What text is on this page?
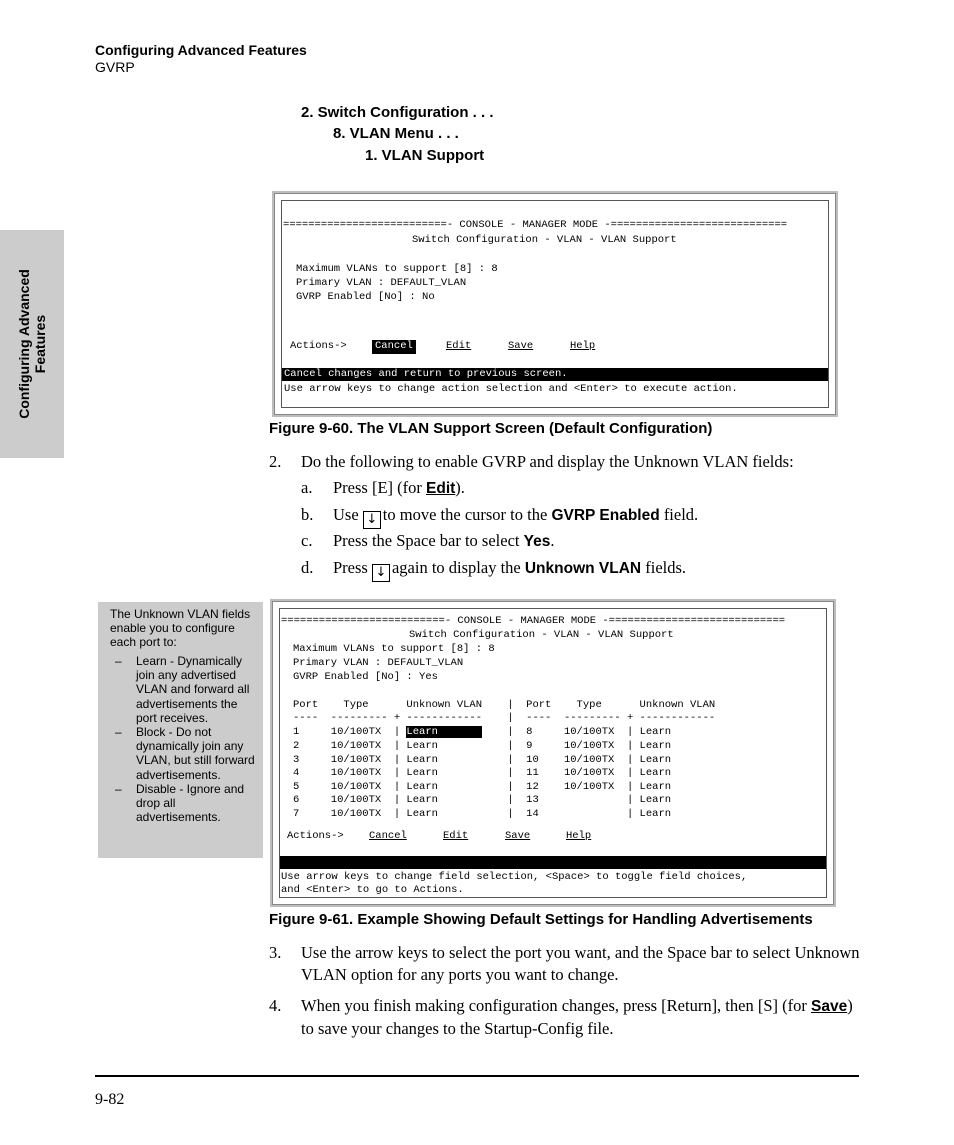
Configuring Advanced Features
GVRP
Configuring Advanced Features
2. Switch Configuration . . .
8. VLAN Menu . . .
1. VLAN Support
==========================- CONSOLE - MANAGER MODE -============================
Switch Configuration - VLAN - VLAN Support
Maximum VLANs to support [8] : 8
Primary VLAN : DEFAULT_VLAN
GVRP Enabled [No] : No
Actions->	Cancel	Edit	Save	Help
Cancel changes and return to previous screen.
Use arrow keys to change action selection and <Enter> to execute action.
Figure 9-60. The VLAN Support Screen (Default Configuration)
2. Do the following to enable GVRP and display the Unknown VLAN fields:
a. Press [E] (for Edit).
b. Use ↓ to move the cursor to the GVRP Enabled field.
c. Press the Space bar to select Yes.
d. Press ↓ again to display the Unknown VLAN fields.
The Unknown VLAN fields enable you to configure each port to:
– Learn - Dynamically join any advertised VLAN and forward all advertisements the port receives.
– Block - Do not dynamically join any VLAN, but still forward advertisements.
– Disable - Ignore and drop all advertisements.
==========================- CONSOLE - MANAGER MODE -============================
Switch Configuration - VLAN - VLAN Support
Maximum VLANs to support [8] : 8
Primary VLAN : DEFAULT_VLAN
GVRP Enabled [No] : Yes
Port    Type      Unknown VLAN    |  Port    Type      Unknown VLAN
----  --------- + ------------    |  ----  --------- + ------------
1     10/100TX  | Learn           |  8     10/100TX  | Learn
2     10/100TX  | Learn           |  9     10/100TX  | Learn
3     10/100TX  | Learn           |  10    10/100TX  | Learn
4     10/100TX  | Learn           |  11    10/100TX  | Learn
5     10/100TX  | Learn           |  12    10/100TX  | Learn
6     10/100TX  | Learn           |  13              | Learn
7     10/100TX  | Learn           |  14              | Learn
Actions-> Cancel	Edit	Save	Help
Use arrow keys to change field selection, <Space> to toggle field choices,
and <Enter> to go to Actions.
Figure 9-61. Example Showing Default Settings for Handling Advertisements
3. Use the arrow keys to select the port you want, and the Space bar to select Unknown VLAN option for any ports you want to change.
4. When you finish making configuration changes, press [Return], then [S] (for Save) to save your changes to the Startup-Config file.
9-82
